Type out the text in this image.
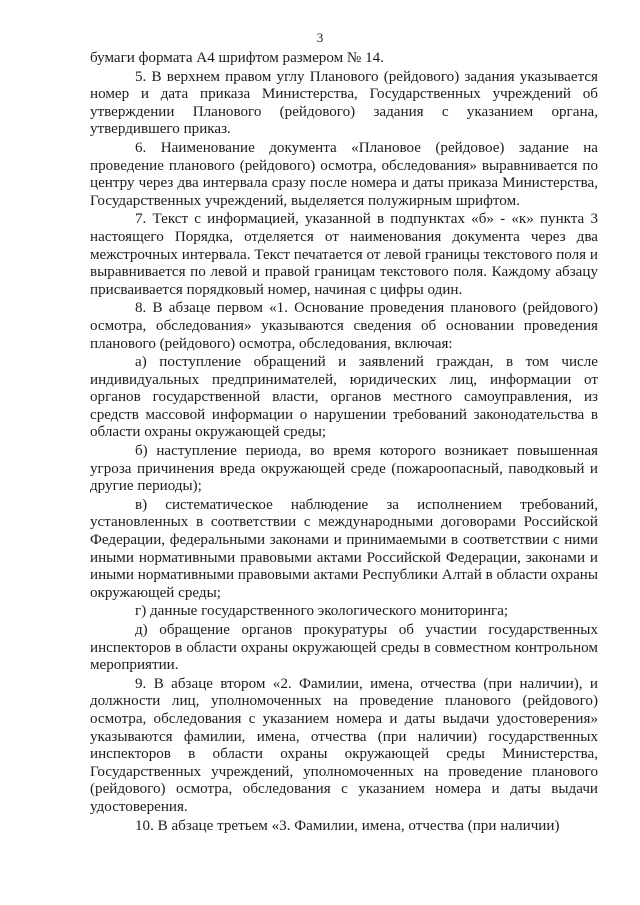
3

бумаги формата А4 шрифтом размером № 14.

5. В верхнем правом углу Планового (рейдового) задания указывается номер и дата приказа Министерства, Государственных учреждений об утверждении Планового (рейдового) задания с указанием органа, утвердившего приказ.

6. Наименование документа «Плановое (рейдовое) задание на проведение планового (рейдового) осмотра, обследования» выравнивается по центру через два интервала сразу после номера и даты приказа Министерства, Государственных учреждений, выделяется полужирным шрифтом.

7. Текст с информацией, указанной в подпунктах «б» - «к» пункта 3 настоящего Порядка, отделяется от наименования документа через два межстрочных интервала. Текст печатается от левой границы текстового поля и выравнивается по левой и правой границам текстового поля. Каждому абзацу присваивается порядковый номер, начиная с цифры один.

8. В абзаце первом «1. Основание проведения планового (рейдового) осмотра, обследования» указываются сведения об основании проведения планового (рейдового) осмотра, обследования, включая:

а) поступление обращений и заявлений граждан, в том числе индивидуальных предпринимателей, юридических лиц, информации от органов государственной власти, органов местного самоуправления, из средств массовой информации о нарушении требований законодательства в области охраны окружающей среды;

б) наступление периода, во время которого возникает повышенная угроза причинения вреда окружающей среде (пожароопасный, паводковый и другие периоды);

в) систематическое наблюдение за исполнением требований, установленных в соответствии с международными договорами Российской Федерации, федеральными законами и принимаемыми в соответствии с ними иными нормативными правовыми актами Российской Федерации, законами и иными нормативными правовыми актами Республики Алтай в области охраны окружающей среды;

г) данные государственного экологического мониторинга;

д) обращение органов прокуратуры об участии государственных инспекторов в области охраны окружающей среды в совместном контрольном мероприятии.

9. В абзаце втором «2. Фамилии, имена, отчества (при наличии), и должности лиц, уполномоченных на проведение планового (рейдового) осмотра, обследования с указанием номера и даты выдачи удостоверения» указываются фамилии, имена, отчества (при наличии) государственных инспекторов в области охраны окружающей среды Министерства, Государственных учреждений, уполномоченных на проведение планового (рейдового) осмотра, обследования с указанием номера и даты выдачи удостоверения.

10. В абзаце третьем «3. Фамилии, имена, отчества (при наличии)
